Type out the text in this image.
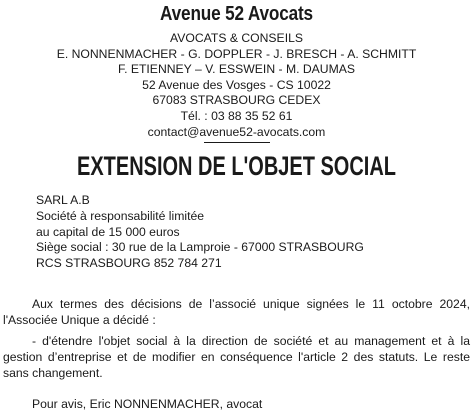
Avenue 52 Avocats
AVOCATS & CONSEILS
E. NONNENMACHER - G. DOPPLER - J. BRESCH - A. SCHMITT
F. ETIENNEY – V. ESSWEIN - M. DAUMAS
52 Avenue des Vosges - CS 10022
67083 STRASBOURG CEDEX
Tél. : 03 88 35 52 61
contact@avenue52-avocats.com
EXTENSION DE L'OBJET SOCIAL
SARL A.B
Société à responsabilité limitée
au capital de 15 000 euros
Siège social : 30 rue de la Lamproie - 67000 STRASBOURG
RCS STRASBOURG 852 784 271
Aux termes des décisions de l’associé unique signées le 11 octobre 2024, l'Associée Unique a décidé :
- d'étendre l'objet social à la direction de société et au management et à la gestion d’entreprise et de modifier en conséquence l'article 2 des statuts. Le reste sans changement.
Pour avis, Eric NONNENMACHER, avocat
